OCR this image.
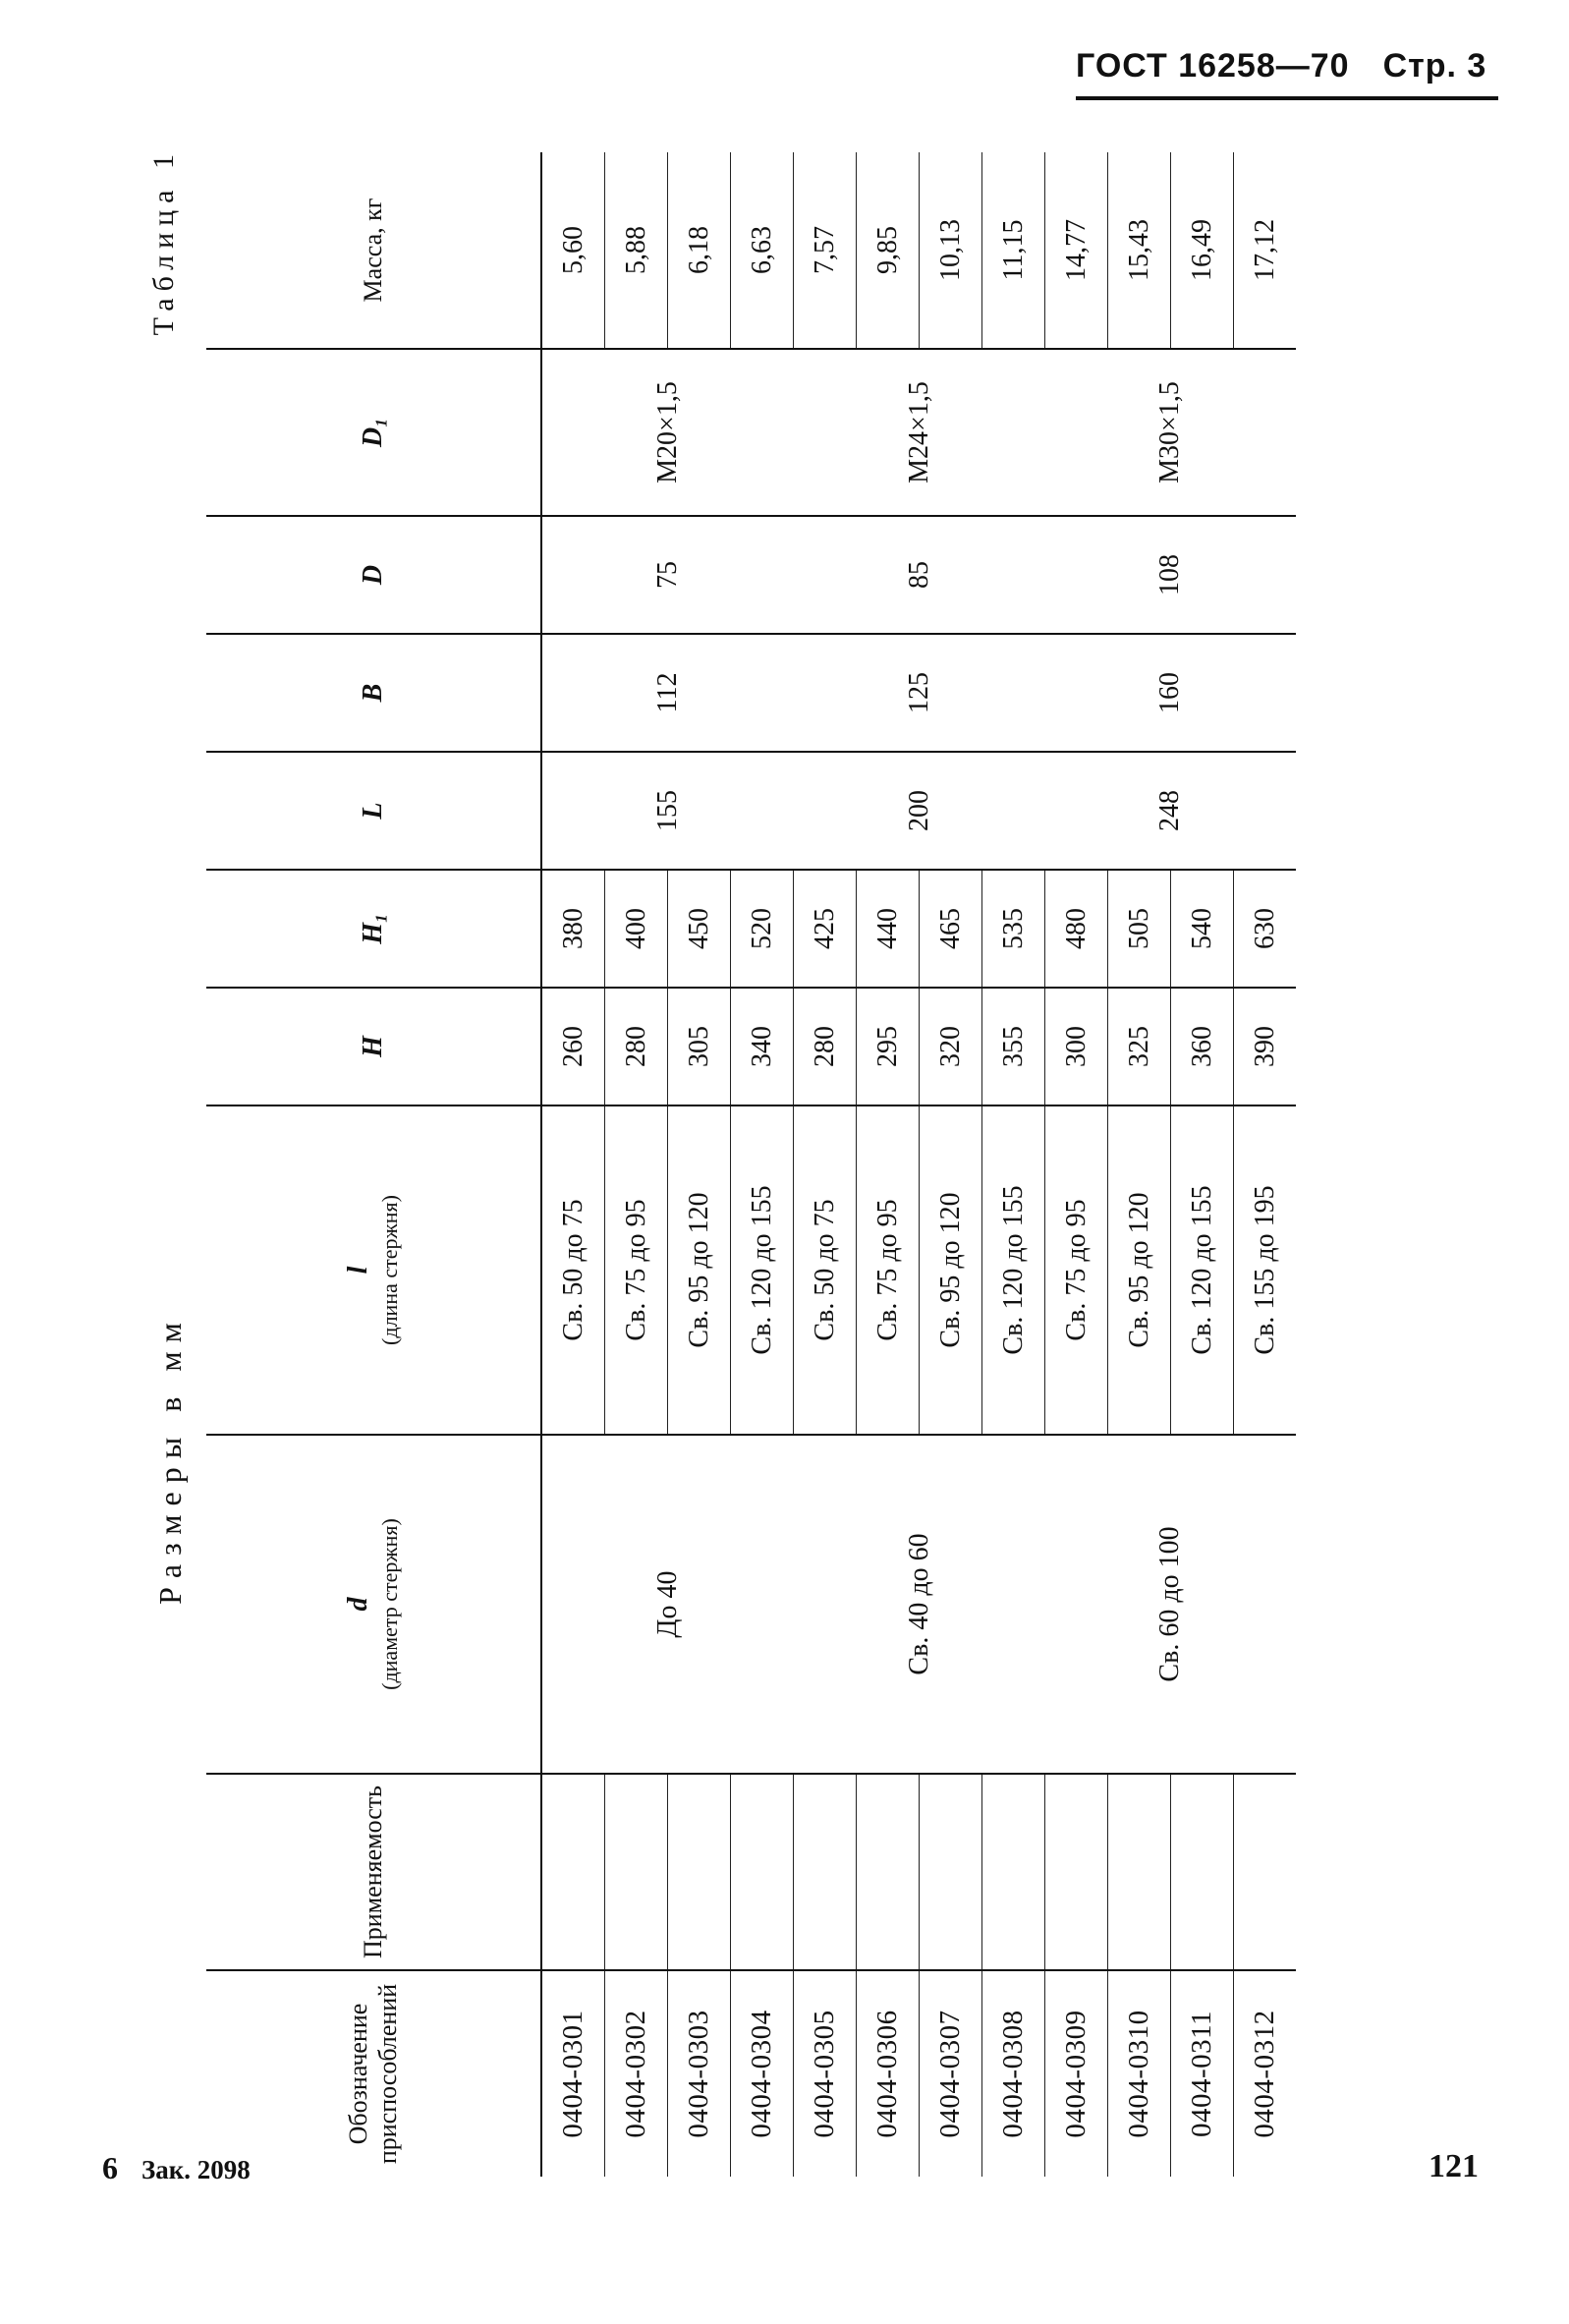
ГОСТ 16258—70 Стр. 3
Таблица 1
Размеры в мм
Обозначение приспособлений	Применяемость	d (диаметр стержня)	l (длина стержня)	H	H₁	L	B	D	D₁	Масса, кг
0404-0301		До 40	Св. 50 до 75	260	380	155	112	75	M20×1,5	5,60
0404-0302			Св. 75 до 95	280	400					5,88
0404-0303			Св. 95 до 120	305	450					6,18
0404-0304			Св. 120 до 155	340	520					6,63
0404-0305		Св. 40 до 60	Св. 50 до 75	280	425	200	125	85	M24×1,5	7,57
0404-0306			Св. 75 до 95	295	440					9,85
0404-0307			Св. 95 до 120	320	465					10,13
0404-0308			Св. 120 до 155	355	535					11,15
0404-0309		Св. 60 до 100	Св. 75 до 95	300	480	248	160	108	M30×1,5	14,77
0404-0310			Св. 95 до 120	325	505					15,43
0404-0311			Св. 120 до 155	360	540					16,49
0404-0312			Св. 155 до 195	390	630					17,12
6 Зак. 2098	121
